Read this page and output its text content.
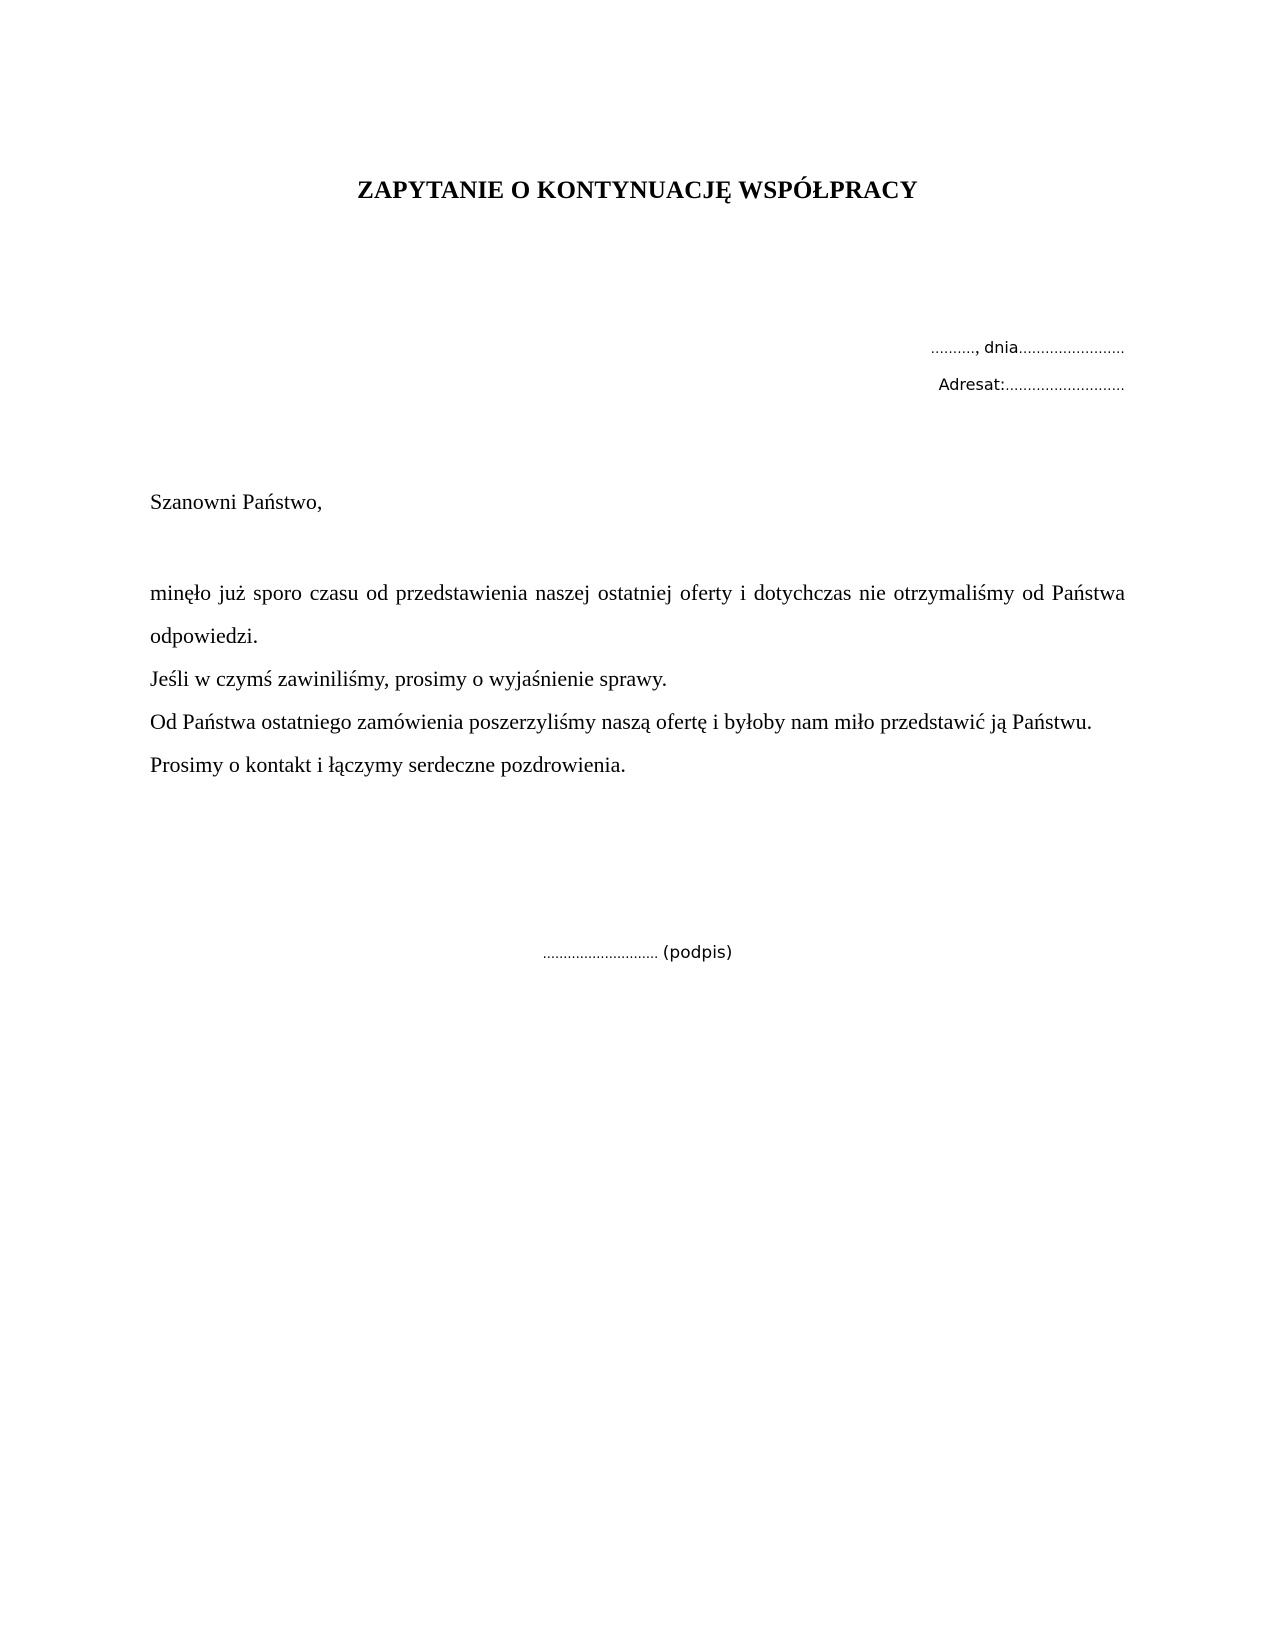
ZAPYTANIE O KONTYNUACJĘ WSPÓŁPRACY
.........., dnia........................
Adresat:...........................

Szanowni Państwo,

minęło już sporo czasu od przedstawienia naszej ostatniej oferty i dotychczas nie otrzymaliśmy od Państwa odpowiedzi.

Jeśli w czymś zawiniliśmy, prosimy o wyjaśnienie sprawy.

Od Państwa ostatniego zamówienia poszerzyliśmy naszą ofertę i byłoby nam miło przedstawić ją Państwu.

Prosimy o kontakt i łączymy serdeczne pozdrowienia.

............................ (podpis)
